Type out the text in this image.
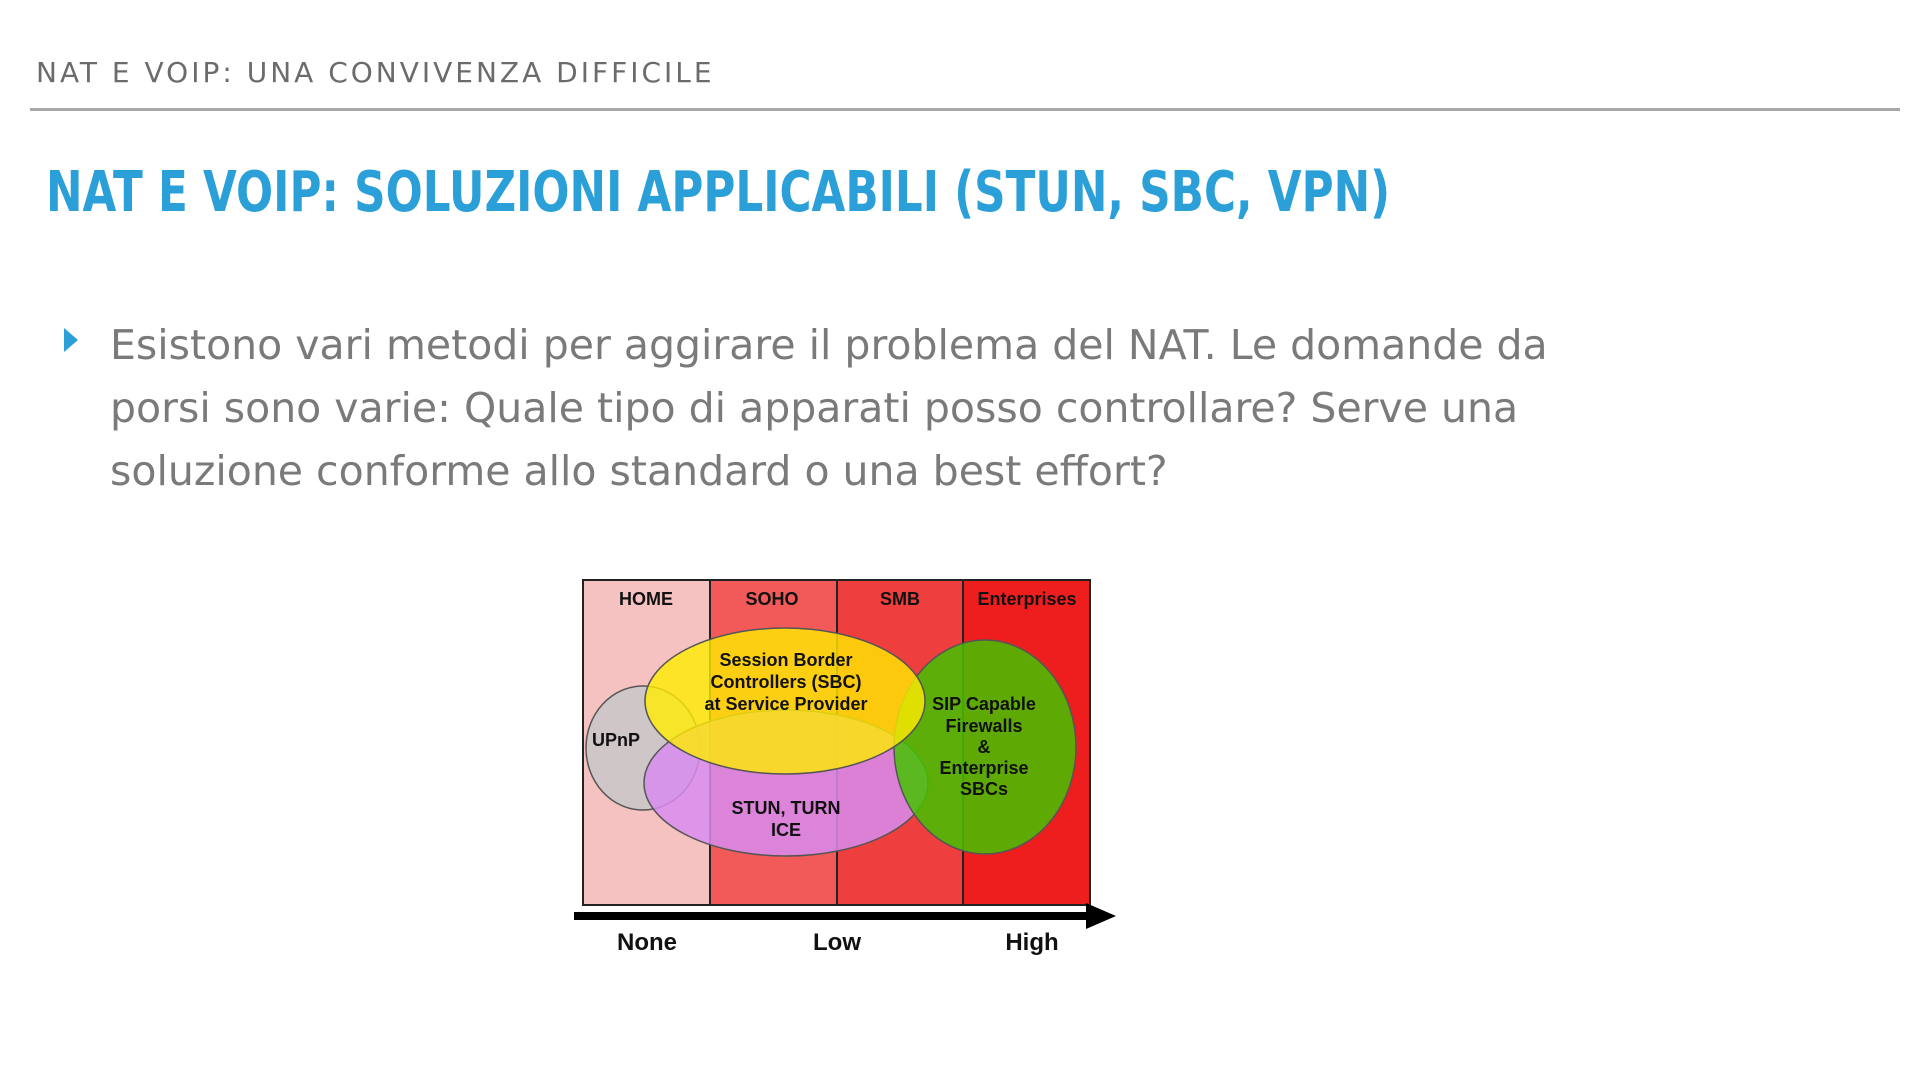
NAT E VOIP: UNA CONVIVENZA DIFFICILE
NAT E VOIP: SOLUZIONI APPLICABILI (STUN, SBC, VPN)
Esistono vari metodi per aggirare il problema del NAT. Le domande da porsi sono varie: Quale tipo di apparati posso controllare? Serve una soluzione conforme allo standard o una best effort?
HOME	SOHO	SMB	Enterprises
UPnP
Session Border
Controllers (SBC)
at Service Provider
STUN, TURN
ICE
SIP Capable
Firewalls
&
Enterprise
SBCs
None	Low	High
